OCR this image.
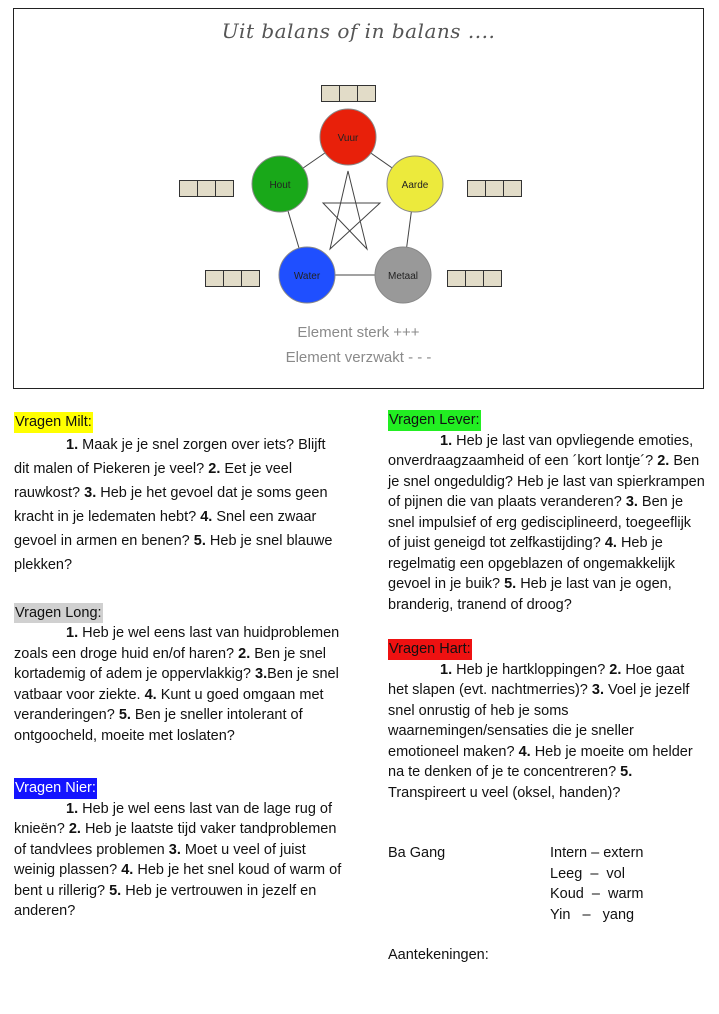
Uit balans of in balans ....
Vuur
Aarde
Metaal
Water
Hout
Element sterk +++
Element verzwakt - - -
Vragen Milt:
1. Maak je je snel zorgen over iets? Blijft dit malen of Piekeren je veel? 2. Eet je veel rauwkost? 3. Heb je het gevoel dat je soms geen kracht in je ledematen hebt? 4. Snel een zwaar gevoel in armen en benen? 5. Heb je snel blauwe plekken?
Vragen Long:
1. Heb je wel eens last van huidproblemen zoals een droge huid en/of haren? 2. Ben je snel kortademig of adem je oppervlakkig? 3.Ben je snel vatbaar voor ziekte. 4. Kunt u goed omgaan met veranderingen? 5. Ben je sneller intolerant of ontgoocheld, moeite met loslaten?
Vragen Nier:
1. Heb je wel eens last van de lage rug of knieën? 2. Heb je laatste tijd vaker tandproblemen of tandvlees problemen 3. Moet u veel of juist weinig plassen? 4. Heb je het snel koud of warm of bent u rillerig? 5. Heb je vertrouwen in jezelf en anderen?
Vragen Lever:
1. Heb je last van opvliegende emoties, onverdraagzaamheid of een ´kort lontje´? 2. Ben je snel ongeduldig? Heb je last van spierkrampen of pijnen die van plaats veranderen? 3. Ben je snel impulsief of erg gedisciplineerd, toegeeflijk of juist geneigd tot zelfkastijding? 4. Heb je regelmatig een opgeblazen of ongemakkelijk gevoel in je buik? 5. Heb je last van je ogen, branderig, tranend of droog?
Vragen Hart:
1. Heb je hartkloppingen? 2. Hoe gaat het slapen (evt. nachtmerries)? 3. Voel je jezelf snel onrustig of heb je soms waarnemingen/sensaties die je sneller emotioneel maken? 4. Heb je moeite om helder na te denken of je te concentreren? 5. Transpireert u veel (oksel, handen)?
Ba Gang	Intern – extern
Leeg  –  vol
Koud  –  warm
Yin   –   yang
Aantekeningen:
